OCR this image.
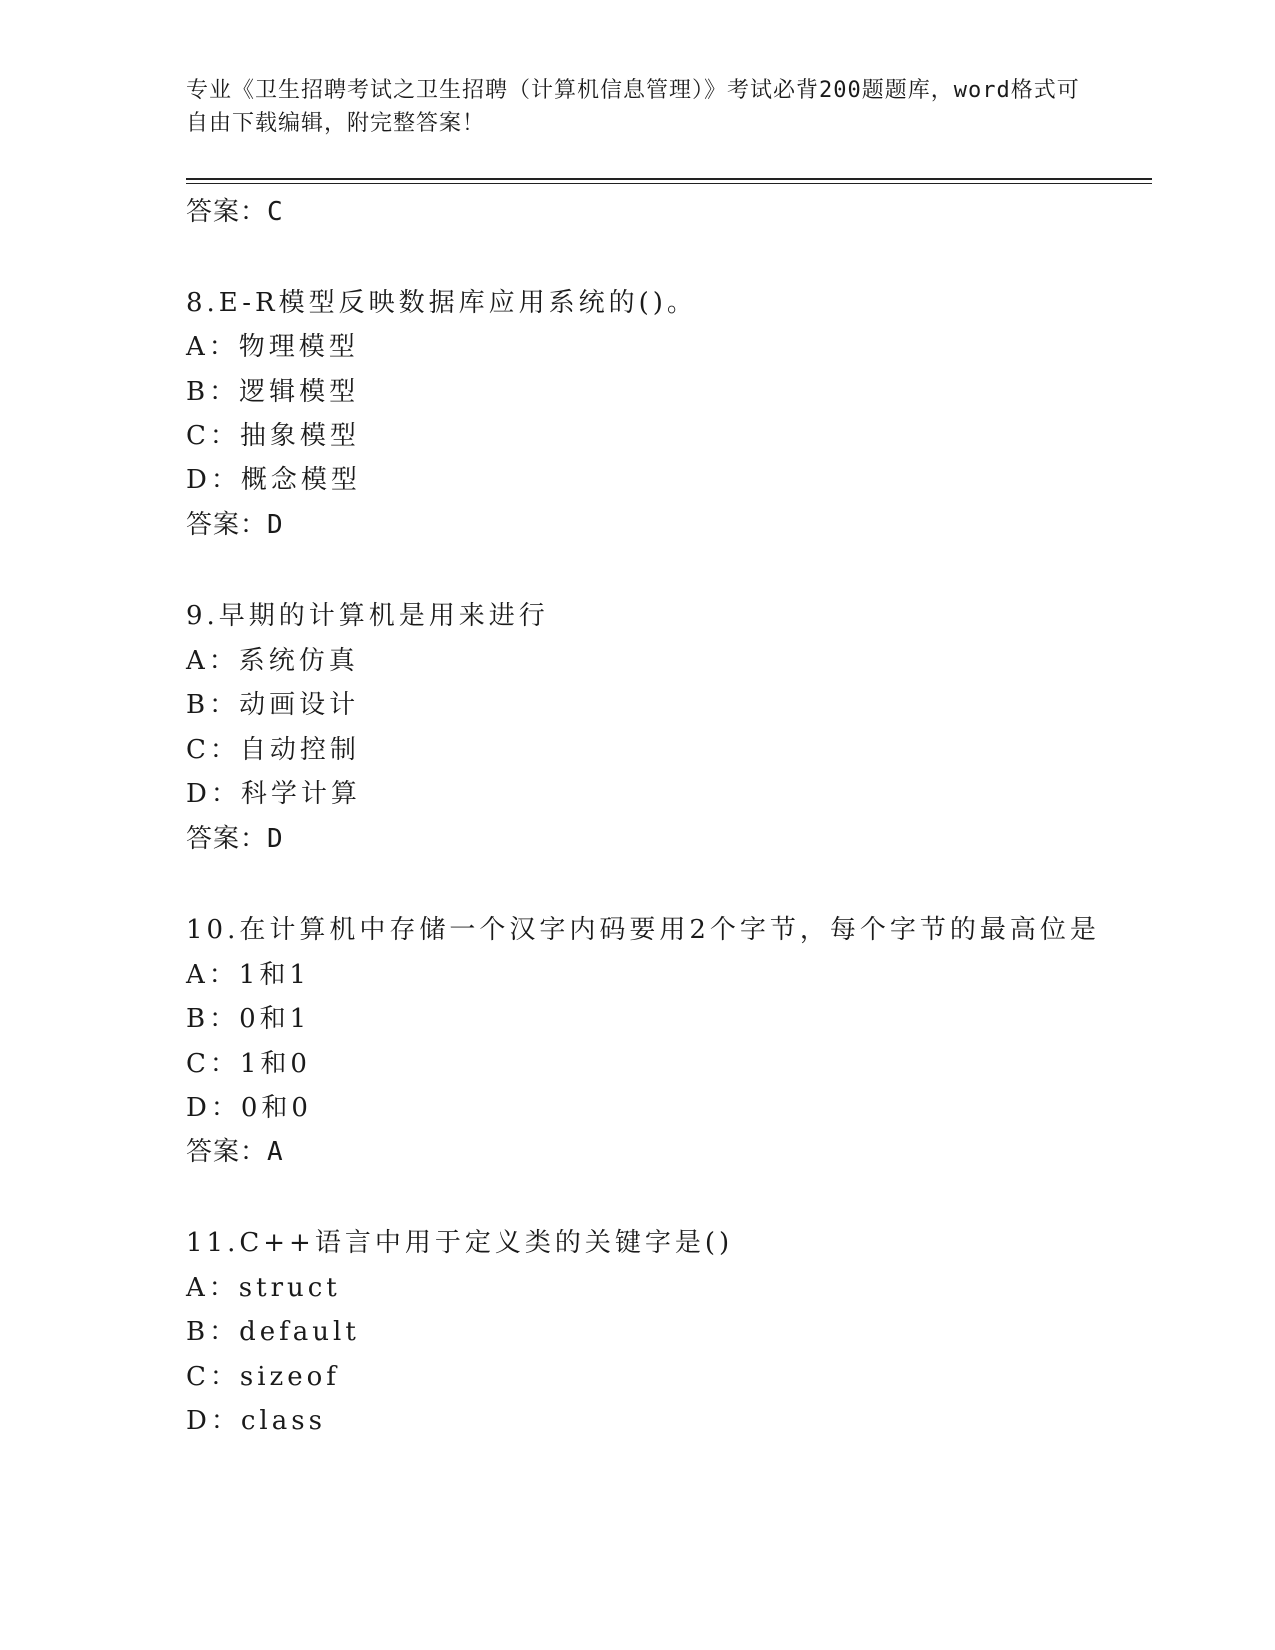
专业《卫生招聘考试之卫生招聘（计算机信息管理）》考试必背200题题库，word格式可自由下载编辑，附完整答案！
答案：C
8.E-R模型反映数据库应用系统的()。
A：物理模型
B：逻辑模型
C：抽象模型
D：概念模型
答案：D
9.早期的计算机是用来进行
A：系统仿真
B：动画设计
C：自动控制
D：科学计算
答案：D
10.在计算机中存储一个汉字内码要用2个字节，每个字节的最高位是
A：1和1
B：0和1
C：1和0
D：0和0
答案：A
11.C++语言中用于定义类的关键字是()
A：struct
B：default
C：sizeof
D：class
